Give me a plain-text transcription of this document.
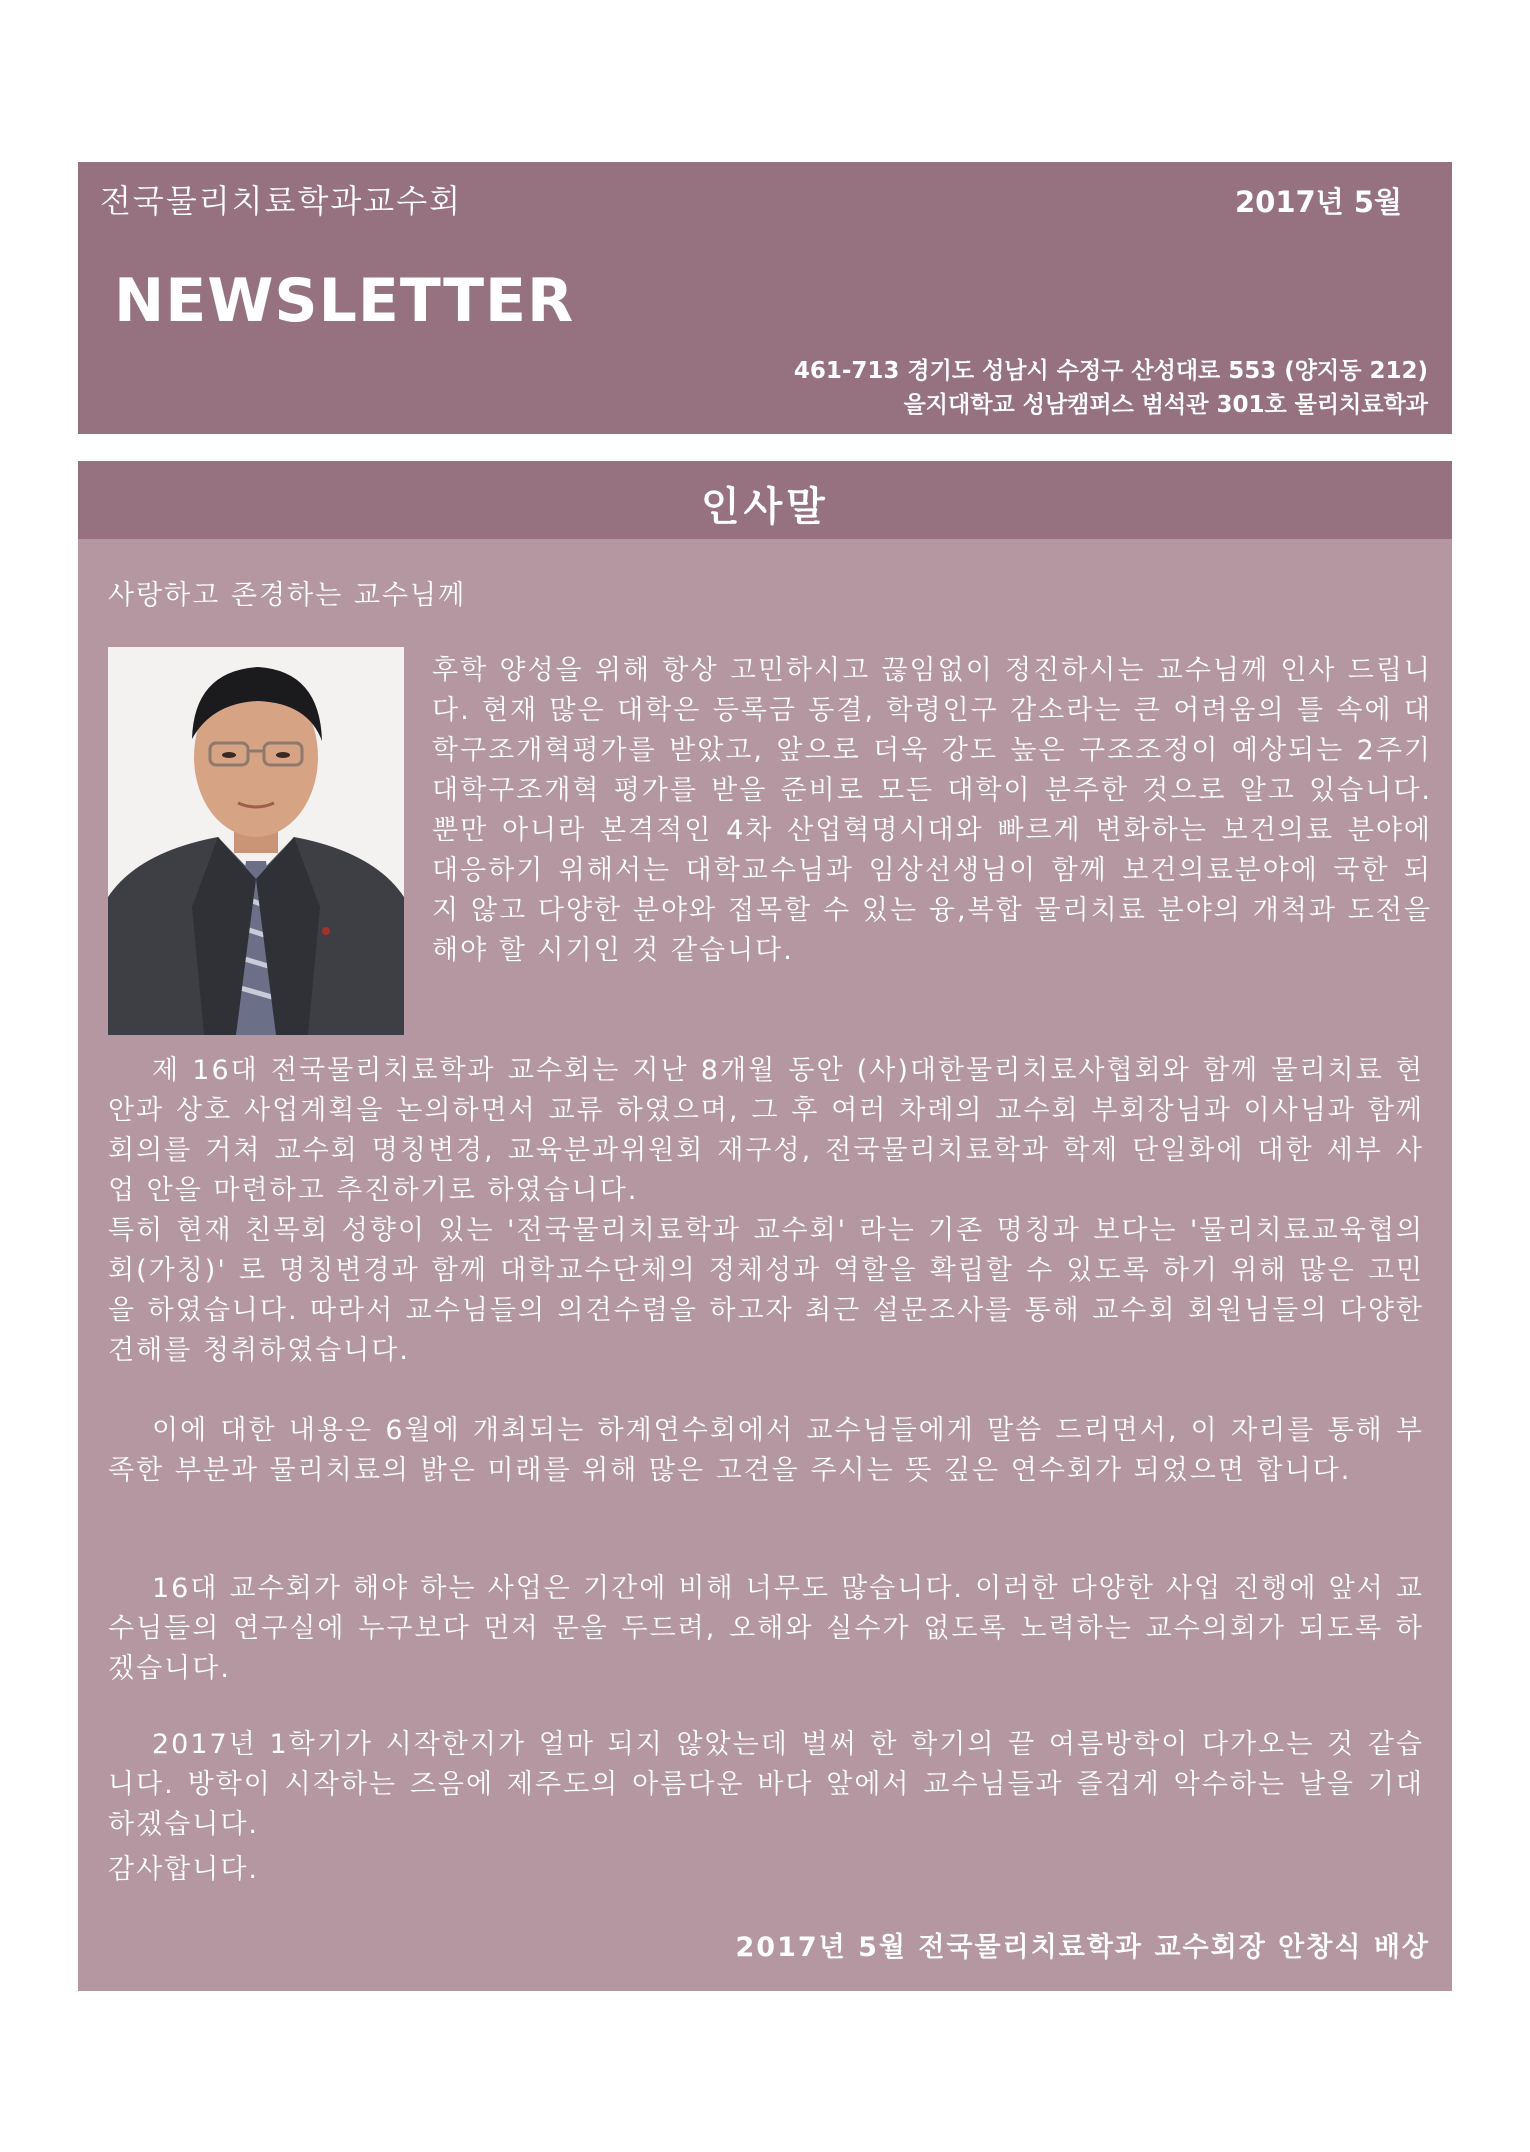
전국물리치료학과교수회	2017년 5월
NEWSLETTER
461-713 경기도 성남시 수정구 산성대로 553 (양지동 212)
을지대학교 성남캠퍼스 범석관 301호 물리치료학과
인사말
사랑하고 존경하는 교수님께

후학 양성을 위해 항상 고민하시고 끊임없이 정진하시는 교수님께 인사 드립니다. 현재 많은 대학은 등록금 동결, 학령인구 감소라는 큰 어려움의 틀 속에 대학구조개혁평가를 받았고, 앞으로 더욱 강도 높은 구조조정이 예상되는 2주기 대학구조개혁 평가를 받을 준비로 모든 대학이 분주한 것으로 알고 있습니다. 뿐만 아니라 본격적인 4차 산업혁명시대와 빠르게 변화하는 보건의료 분야에 대응하기 위해서는 대학교수님과 임상선생님이 함께 보건의료분야에 국한 되지 않고 다양한 분야와 접목할 수 있는 융,복합 물리치료 분야의 개척과 도전을 해야 할 시기인 것 같습니다.

제 16대 전국물리치료학과 교수회는 지난 8개월 동안 (사)대한물리치료사협회와 함께 물리치료 현안과 상호 사업계획을 논의하면서 교류 하였으며, 그 후 여러 차례의 교수회 부회장님과 이사님과 함께 회의를 거쳐 교수회 명칭변경, 교육분과위원회 재구성, 전국물리치료학과 학제 단일화에 대한 세부 사업 안을 마련하고 추진하기로 하였습니다.
특히 현재 친목회 성향이 있는 '전국물리치료학과 교수회' 라는 기존 명칭과 보다는 '물리치료교육협의회(가칭)' 로 명칭변경과 함께 대학교수단체의 정체성과 역할을 확립할 수 있도록 하기 위해 많은 고민을 하였습니다. 따라서 교수님들의 의견수렴을 하고자 최근 설문조사를 통해 교수회 회원님들의 다양한 견해를 청취하였습니다.
이에 대한 내용은 6월에 개최되는 하계연수회에서 교수님들에게 말씀 드리면서, 이 자리를 통해 부족한 부분과 물리치료의 밝은 미래를 위해 많은 고견을 주시는 뜻 깊은 연수회가 되었으면 합니다.
16대 교수회가 해야 하는 사업은 기간에 비해 너무도 많습니다. 이러한 다양한 사업 진행에 앞서 교수님들의 연구실에 누구보다 먼저 문을 두드려, 오해와 실수가 없도록 노력하는 교수의회가 되도록 하겠습니다.
2017년 1학기가 시작한지가 얼마 되지 않았는데 벌써 한 학기의 끝 여름방학이 다가오는 것 같습니다. 방학이 시작하는 즈음에 제주도의 아름다운 바다 앞에서 교수님들과 즐겁게 악수하는 날을 기대 하겠습니다.
감사합니다.
2017년 5월 전국물리치료학과 교수회장 안창식 배상
